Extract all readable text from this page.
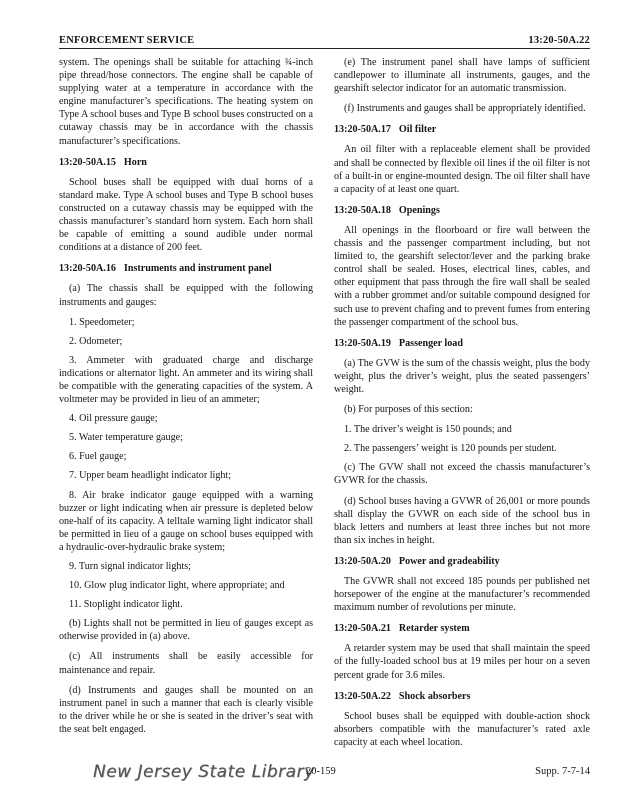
ENFORCEMENT SERVICE	13:20-50A.22

system. The openings shall be suitable for attaching ¾-inch pipe thread/hose connectors. The engine shall be capable of supplying water at a temperature in accordance with the engine manufacturer’s specifications. The heating system on Type A school buses and Type B school buses constructed on a cutaway chassis may be in accordance with the chassis manufacturer’s specifications.

13:20-50A.15 Horn

School buses shall be equipped with dual horns of a standard make. Type A school buses and Type B school buses constructed on a cutaway chassis may be equipped with the chassis manufacturer’s standard horn system. Each horn shall be capable of emitting a sound audible under normal conditions at a distance of 200 feet.

13:20-50A.16 Instruments and instrument panel

(a) The chassis shall be equipped with the following instruments and gauges:

1. Speedometer;
2. Odometer;
3. Ammeter with graduated charge and discharge indications or alternator light. An ammeter and its wiring shall be compatible with the generating capacities of the system. A voltmeter may be provided in lieu of an ammeter;
4. Oil pressure gauge;
5. Water temperature gauge;
6. Fuel gauge;
7. Upper beam headlight indicator light;
8. Air brake indicator gauge equipped with a warning buzzer or light indicating when air pressure is depleted below one-half of its capacity. A telltale warning light indicator shall be permitted in lieu of a gauge on school buses equipped with a hydraulic-over-hydraulic brake system;
9. Turn signal indicator lights;
10. Glow plug indicator light, where appropriate; and
11. Stoplight indicator light.

(b) Lights shall not be permitted in lieu of gauges except as otherwise provided in (a) above.

(c) All instruments shall be easily accessible for maintenance and repair.

(d) Instruments and gauges shall be mounted on an instrument panel in such a manner that each is clearly visible to the driver while he or she is seated in the driver’s seat with the seat belt engaged.

(e) The instrument panel shall have lamps of sufficient candlepower to illuminate all instruments, gauges, and the gearshift selector indicator for an automatic transmission.

(f) Instruments and gauges shall be appropriately identified.

13:20-50A.17 Oil filter

An oil filter with a replaceable element shall be provided and shall be connected by flexible oil lines if the oil filter is not of a built-in or engine-mounted design. The oil filter shall have a capacity of at least one quart.

13:20-50A.18 Openings

All openings in the floorboard or fire wall between the chassis and the passenger compartment including, but not limited to, the gearshift selector/lever and the parking brake control shall be sealed. Hoses, electrical lines, cables, and other equipment that pass through the fire wall shall be sealed with a rubber grommet and/or suitable compound designed for such use to prevent chafing and to prevent fumes from entering the passenger compartment of the school bus.

13:20-50A.19 Passenger load

(a) The GVW is the sum of the chassis weight, plus the body weight, plus the driver’s weight, plus the seated passengers’ weight.

(b) For purposes of this section:

1. The driver’s weight is 150 pounds; and
2. The passengers’ weight is 120 pounds per student.

(c) The GVW shall not exceed the chassis manufacturer’s GVWR for the chassis.

(d) School buses having a GVWR of 26,001 or more pounds shall display the GVWR on each side of the school bus in black letters and numbers at least three inches but not more than six inches in height.

13:20-50A.20 Power and gradeability

The GVWR shall not exceed 185 pounds per published net horsepower of the engine at the manufacturer’s recommended maximum number of revolutions per minute.

13:20-50A.21 Retarder system

A retarder system may be used that shall maintain the speed of the fully-loaded school bus at 19 miles per hour on a seven percent grade for 3.6 miles.

13:20-50A.22 Shock absorbers

School buses shall be equipped with double-action shock absorbers compatible with the manufacturer’s rated axle capacity at each wheel location.

New Jersey State Library
20-159	Supp. 7-7-14
